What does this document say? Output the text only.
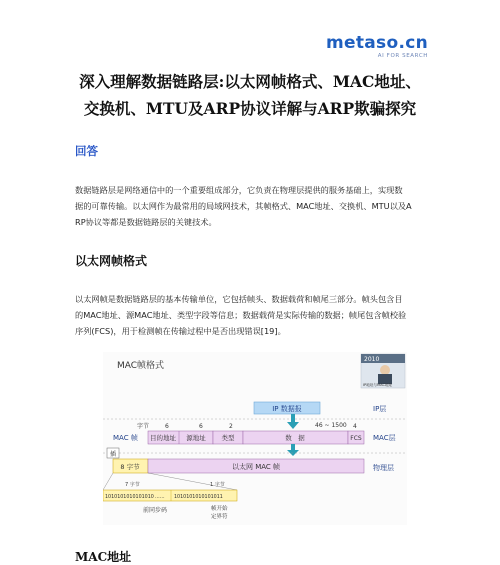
metaso.cn
AI FOR SEARCH
深入理解数据链路层:以太网帧格式、MAC地址、
交换机、MTU及ARP协议详解与ARP欺骗探究
回答
数据链路层是网络通信中的一个重要组成部分，它负责在物理层提供的服务基础上，实现数
据的可靠传输。以太网作为最常用的局域网技术，其帧格式、MAC地址、交换机、MTU以及A
RP协议等都是数据链路层的关键技术。
以太网帧格式
以太网帧是数据链路层的基本传输单位，它包括帧头、数据载荷和帧尾三部分。帧头包含目
的MAC地址、源MAC地址、类型字段等信息；数据载荷是实际传输的数据；帧尾包含帧校验
序列(FCS)，用于检测帧在传输过程中是否出现错误[19]。
MAC帧格式
2010
IP地址与MAC地址
IP 数据报	IP层
46 ~ 1500
字节	6	6	2	4
MAC 帧 目的地址 源地址 类型	数　据	FCS MAC层
插
8 字节	以太网 MAC 帧	物理层
7 字节	1 字节
1010101010101010 ...... 1010101010101011
前同步码	帧开始
定界符
MAC地址
